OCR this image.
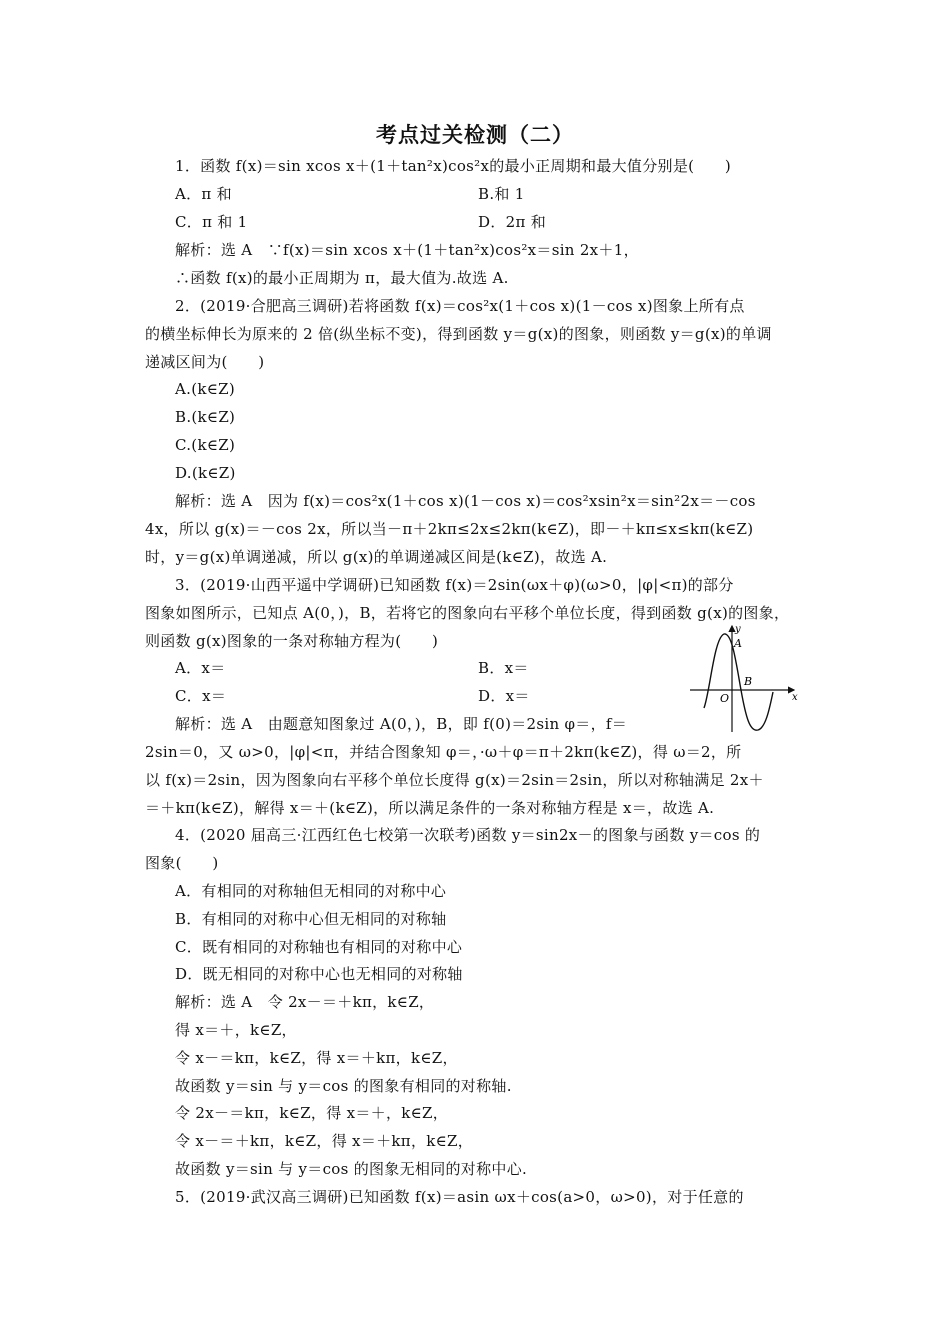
考点过关检测（二）
1．函数 f(x)＝sin xcos x＋(1＋tan²x)cos²x的最小正周期和最大值分别是(　　)
A．π 和	B.和 1
C．π 和 1	D．2π 和
解析：选 A　∵f(x)＝sin xcos x＋(1＋tan²x)cos²x＝sin 2x＋1，
∴函数 f(x)的最小正周期为 π，最大值为.故选 A.
2．(2019·合肥高三调研)若将函数 f(x)＝cos²x(1＋cos x)(1－cos x)图象上所有点
的横坐标伸长为原来的 2 倍(纵坐标不变)，得到函数 y＝g(x)的图象，则函数 y＝g(x)的单调
递减区间为(　　)
A.(k∈Z)
B.(k∈Z)
C.(k∈Z)
D.(k∈Z)
解析：选 A　因为 f(x)＝cos²x(1＋cos x)(1－cos x)＝cos²xsin²x＝sin²2x＝－cos
4x，所以 g(x)＝－cos 2x，所以当－π＋2kπ≤2x≤2kπ(k∈Z)，即－＋kπ≤x≤kπ(k∈Z)
时，y＝g(x)单调递减，所以 g(x)的单调递减区间是(k∈Z)，故选 A.
3．(2019·山西平遥中学调研)已知函数 f(x)＝2sin(ωx＋φ)(ω>0，|φ|<π)的部分
图象如图所示，已知点 A(0，)，B，若将它的图象向右平移个单位长度，得到函数 g(x)的图象，
则函数 g(x)图象的一条对称轴方程为(　　)
A．x＝	B．x＝
C．x＝	D．x＝
解析：选 A　由题意知图象过 A(0，)，B，即 f(0)＝2sin φ＝，f＝
2sin＝0，又 ω>0，|φ|<π，并结合图象知 φ＝，·ω＋φ＝π＋2kπ(k∈Z)，得 ω＝2，所
以 f(x)＝2sin，因为图象向右平移个单位长度得 g(x)＝2sin＝2sin，所以对称轴满足 2x＋
＝＋kπ(k∈Z)，解得 x＝＋(k∈Z)，所以满足条件的一条对称轴方程是 x＝，故选 A.
4．(2020 届高三·江西红色七校第一次联考)函数 y＝sin2x－的图象与函数 y＝cos 的
图象(　　)
A．有相同的对称轴但无相同的对称中心
B．有相同的对称中心但无相同的对称轴
C．既有相同的对称轴也有相同的对称中心
D．既无相同的对称中心也无相同的对称轴
解析：选 A　令 2x－＝＋kπ，k∈Z，
得 x＝＋，k∈Z，
令 x－＝kπ，k∈Z，得 x＝＋kπ，k∈Z，
故函数 y＝sin 与 y＝cos 的图象有相同的对称轴.
令 2x－＝kπ，k∈Z，得 x＝＋，k∈Z，
令 x－＝＋kπ，k∈Z，得 x＝＋kπ，k∈Z，
故函数 y＝sin 与 y＝cos 的图象无相同的对称中心.
5．(2019·武汉高三调研)已知函数 f(x)＝asin ωx＋cos(a>0，ω>0)，对于任意的
y
x
O
A
B
